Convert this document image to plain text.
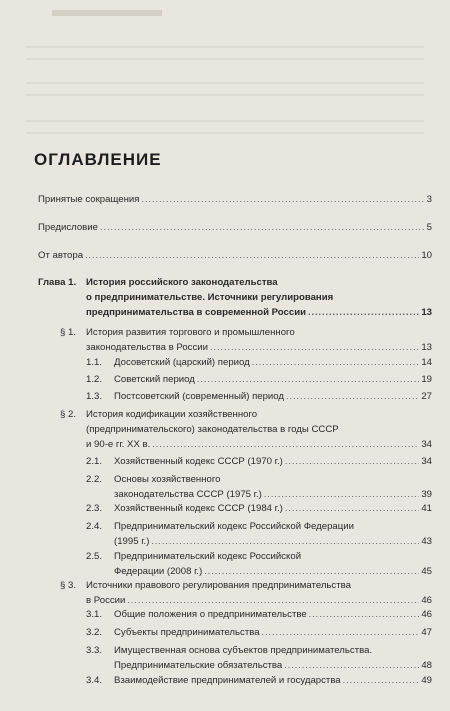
ОГЛАВЛЕНИЕ
Принятые сокращения .....	3
Предисловие .....	5
От автора .....	10
Глава 1. История российского законодательства
о предпринимательстве. Источники регулирования
предпринимательства в современной России .....	13
§ 1. История развития торгового и промышленного
законодательства в России .....	13
1.1. Досоветский (царский) период .....	14
1.2. Советский период .....	19
1.3. Постсоветский (современный) период .....	27
§ 2. История кодификации хозяйственного
(предпринимательского) законодательства в годы СССР
и 90-е гг. XX в. .....	34
2.1. Хозяйственный кодекс СССР (1970 г.) .....	34
2.2. Основы хозяйственного
законодательства СССР (1975 г.) .....	39
2.3. Хозяйственный кодекс СССР (1984 г.) .....	41
2.4. Предпринимательский кодекс Российской Федерации
(1995 г.) .....	43
2.5. Предпринимательский кодекс Российской
Федерации (2008 г.) .....	45
§ 3. Источники правового регулирования предпринимательства
в России .....	46
3.1. Общие положения о предпринимательстве .....	46
3.2. Субъекты предпринимательства .....	47
3.3. Имущественная основа субъектов предпринимательства.
Предпринимательские обязательства .....	48
3.4. Взаимодействие предпринимателей и государства .....	49
